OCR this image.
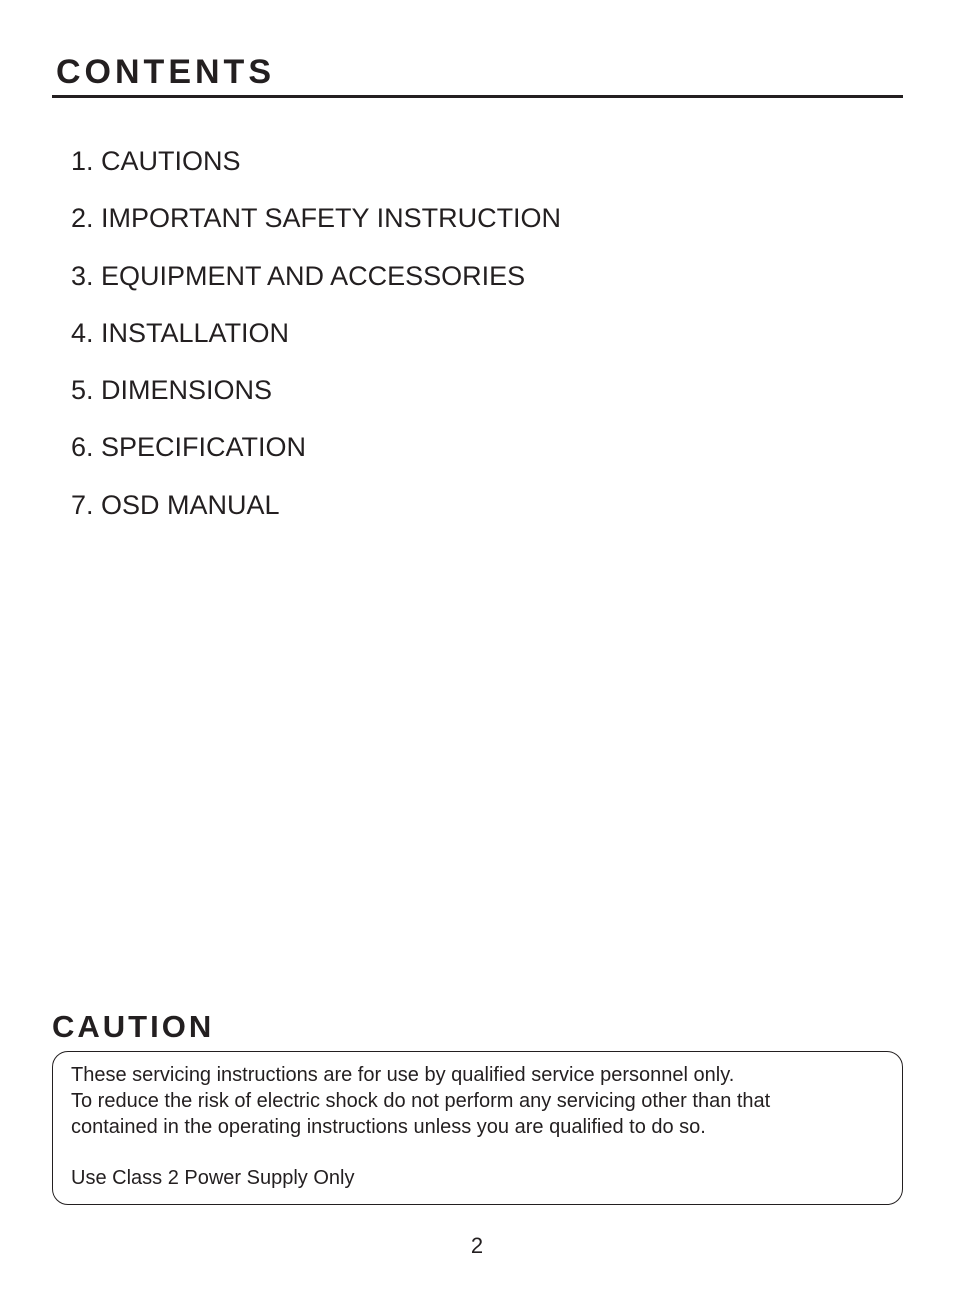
CONTENTS
1. CAUTIONS
2. IMPORTANT SAFETY INSTRUCTION
3. EQUIPMENT AND ACCESSORIES
4. INSTALLATION
5. DIMENSIONS
6. SPECIFICATION
7. OSD MANUAL
CAUTION
These servicing instructions are for use by qualified service personnel only.
To reduce the risk of electric shock do not perform any servicing other than that
contained in the operating instructions unless you are qualified to do so.
Use Class 2 Power Supply Only
2
